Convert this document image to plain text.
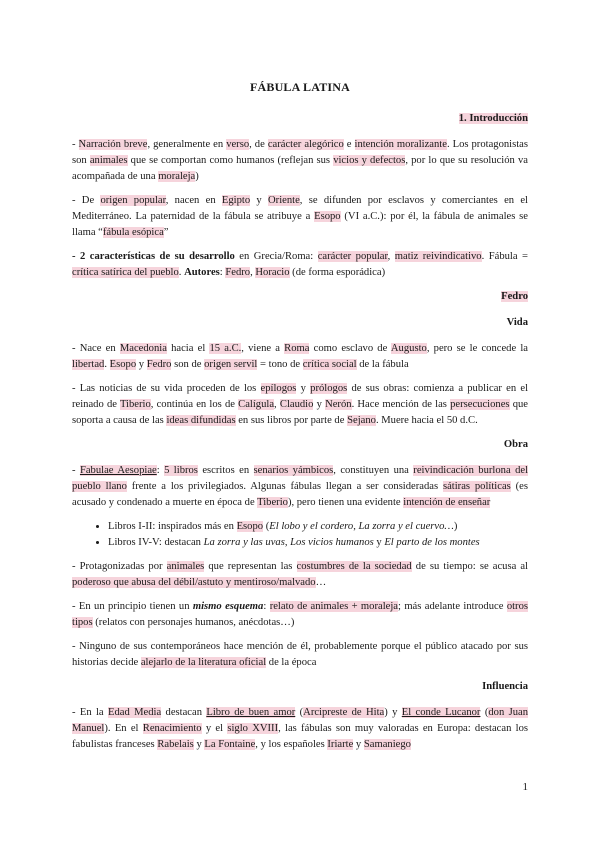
FÁBULA LATINA
1. Introducción

- Narración breve, generalmente en verso, de carácter alegórico e intención moralizante. Los protagonistas son animales que se comportan como humanos (reflejan sus vicios y defectos, por lo que su resolución va acompañada de una moraleja)

- De origen popular, nacen en Egipto y Oriente, se difunden por esclavos y comerciantes en el Mediterráneo. La paternidad de la fábula se atribuye a Esopo (VI a.C.): por él, la fábula de animales se llama “fábula esópica”

- 2 características de su desarrollo en Grecia/Roma: carácter popular, matiz reivindicativo. Fábula = crítica satírica del pueblo. Autores: Fedro, Horacio (de forma esporádica)

Fedro
Vida

- Nace en Macedonia hacia el 15 a.C., viene a Roma como esclavo de Augusto, pero se le concede la libertad. Esopo y Fedro son de origen servil = tono de crítica social de la fábula

- Las noticias de su vida proceden de los epílogos y prólogos de sus obras: comienza a publicar en el reinado de Tiberio, continúa en los de Calígula, Claudio y Nerón. Hace mención de las persecuciones que soporta a causa de las ideas difundidas en sus libros por parte de Sejano. Muere hacia el 50 d.C.

Obra

- Fabulae Aesopiae: 5 libros escritos en senarios yámbicos, constituyen una reivindicación burlona del pueblo llano frente a los privilegiados. Algunas fábulas llegan a ser consideradas sátiras políticas (es acusado y condenado a muerte en época de Tiberio), pero tienen una evidente intención de enseñar

• Libros I-II: inspirados más en Esopo (El lobo y el cordero, La zorra y el cuervo…)
• Libros IV-V: destacan La zorra y las uvas, Los vicios humanos y El parto de los montes

- Protagonizadas por animales que representan las costumbres de la sociedad de su tiempo: se acusa al poderoso que abusa del débil/astuto y mentiroso/malvado…

- En un principio tienen un mismo esquema: relato de animales + moraleja; más adelante introduce otros tipos (relatos con personajes humanos, anécdotas…)

- Ninguno de sus contemporáneos hace mención de él, probablemente porque el público atacado por sus historias decide alejarlo de la literatura oficial de la época

Influencia

- En la Edad Media destacan Libro de buen amor (Arcipreste de Hita) y El conde Lucanor (don Juan Manuel). En el Renacimiento y el siglo XVIII, las fábulas son muy valoradas en Europa: destacan los fabulistas franceses Rabelais y La Fontaine, y los españoles Iriarte y Samaniego

1
